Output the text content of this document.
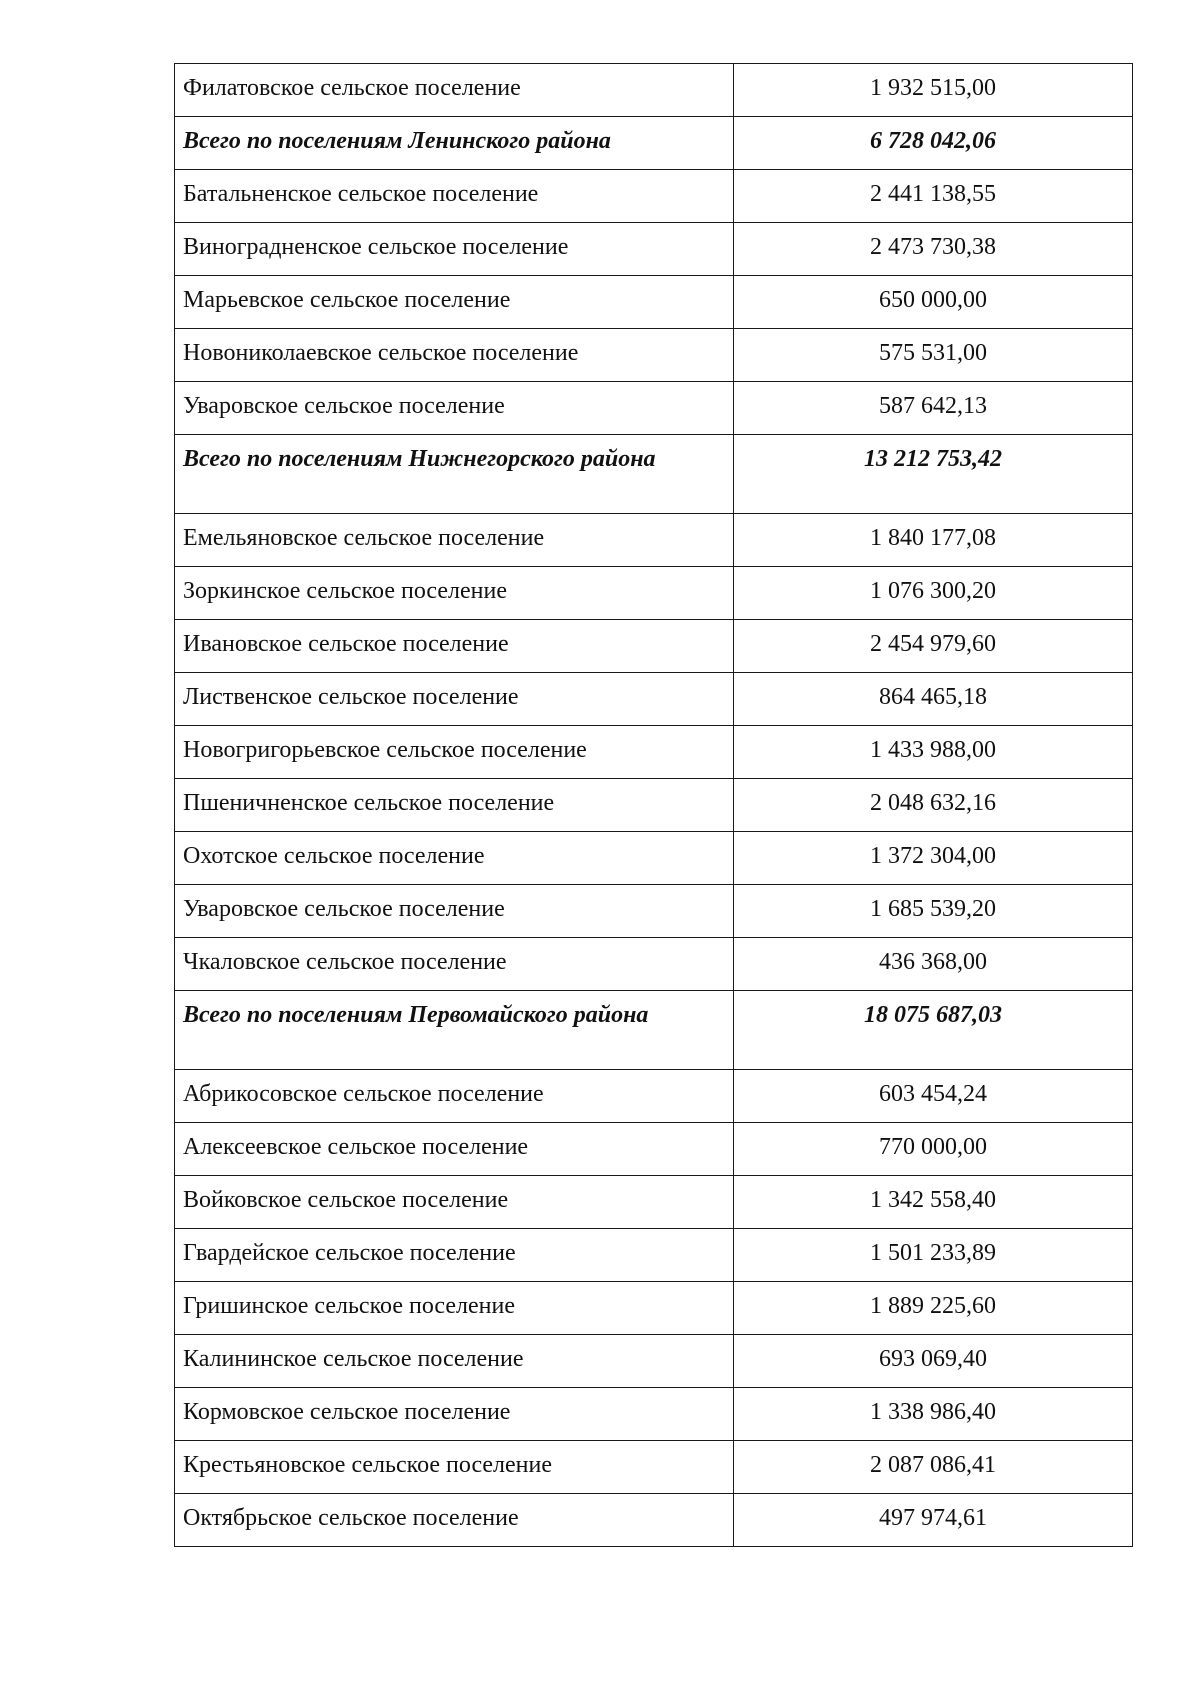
Филатовское сельское поселение	1 932 515,00
Всего по поселениям Ленинского района	6 728 042,06
Батальненское сельское поселение	2 441 138,55
Виноградненское сельское поселение	2 473 730,38
Марьевское сельское поселение	650 000,00
Новониколаевское сельское поселение	575 531,00
Уваровское сельское поселение	587 642,13
Всего по поселениям Нижнегорского района	13 212 753,42
Емельяновское сельское поселение	1 840 177,08
Зоркинское сельское поселение	1 076 300,20
Ивановское сельское поселение	2 454 979,60
Лиственское сельское поселение	864 465,18
Новогригорьевское сельское поселение	1 433 988,00
Пшеничненское сельское поселение	2 048 632,16
Охотское сельское поселение	1 372 304,00
Уваровское сельское поселение	1 685 539,20
Чкаловское сельское поселение	436 368,00
Всего по поселениям Первомайского района	18 075 687,03
Абрикосовское сельское поселение	603 454,24
Алексеевское сельское поселение	770 000,00
Войковское сельское поселение	1 342 558,40
Гвардейское сельское поселение	1 501 233,89
Гришинское сельское поселение	1 889 225,60
Калининское сельское поселение	693 069,40
Кормовское сельское поселение	1 338 986,40
Крестьяновское сельское поселение	2 087 086,41
Октябрьское сельское поселение	497 974,61
